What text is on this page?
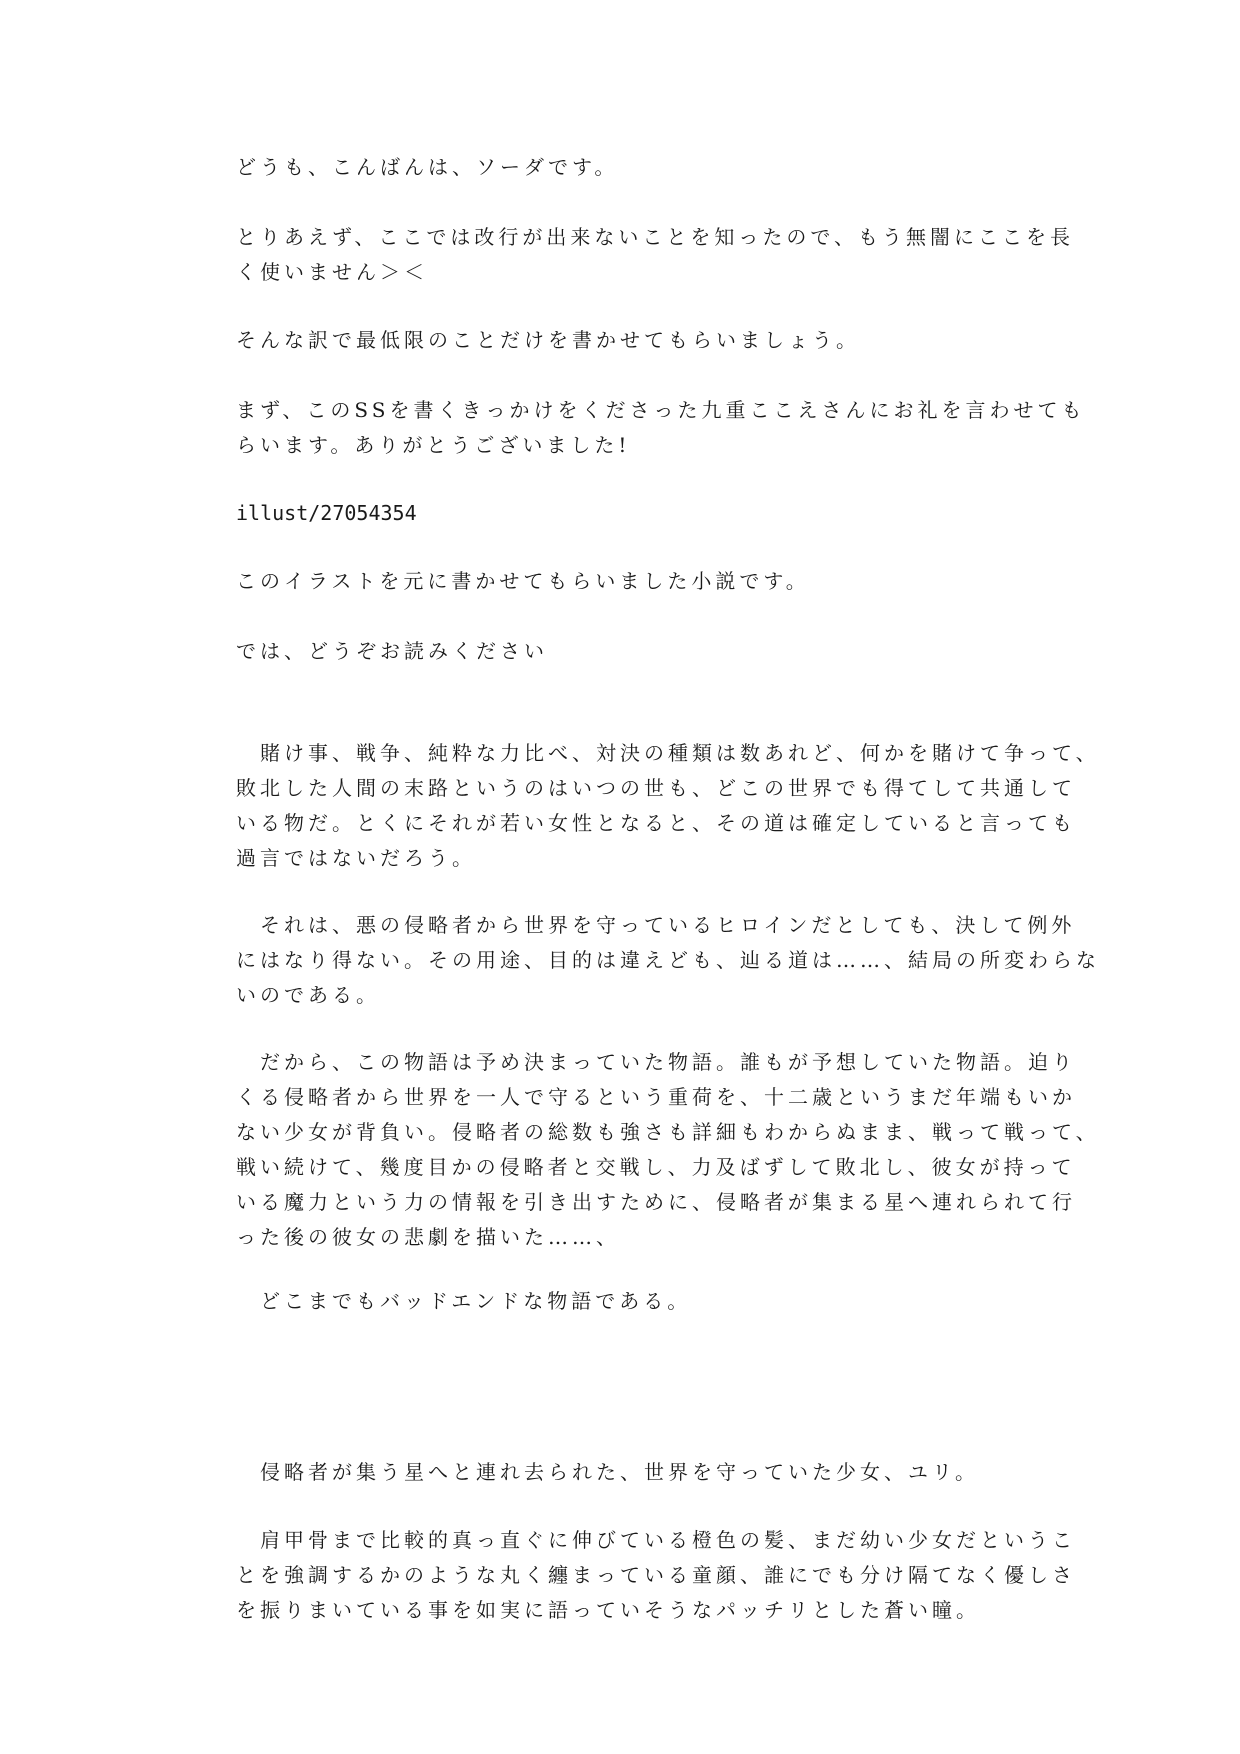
どうも、こんばんは、ソーダです。
とりあえず、ここでは改行が出来ないことを知ったので、もう無闇にここを長
く使いません＞＜
そんな訳で最低限のことだけを書かせてもらいましょう。
まず、このSSを書くきっかけをくださった九重ここえさんにお礼を言わせても
らいます。ありがとうございました!
illust/27054354
このイラストを元に書かせてもらいました小説です。
では、どうぞお読みください
賭け事、戦争、純粋な力比べ、対決の種類は数あれど、何かを賭けて争って、
敗北した人間の末路というのはいつの世も、どこの世界でも得てして共通して
いる物だ。とくにそれが若い女性となると、その道は確定していると言っても
過言ではないだろう。
それは、悪の侵略者から世界を守っているヒロインだとしても、決して例外
にはなり得ない。その用途、目的は違えども、辿る道は……、結局の所変わらな
いのである。
だから、この物語は予め決まっていた物語。誰もが予想していた物語。迫り
くる侵略者から世界を一人で守るという重荷を、十二歳というまだ年端もいか
ない少女が背負い。侵略者の総数も強さも詳細もわからぬまま、戦って戦って、
戦い続けて、幾度目かの侵略者と交戦し、力及ばずして敗北し、彼女が持って
いる魔力という力の情報を引き出すために、侵略者が集まる星へ連れられて行
った後の彼女の悲劇を描いた……、
どこまでもバッドエンドな物語である。
侵略者が集う星へと連れ去られた、世界を守っていた少女、ユリ。
肩甲骨まで比較的真っ直ぐに伸びている橙色の髪、まだ幼い少女だというこ
とを強調するかのような丸く纏まっている童顔、誰にでも分け隔てなく優しさ
を振りまいている事を如実に語っていそうなパッチリとした蒼い瞳。
